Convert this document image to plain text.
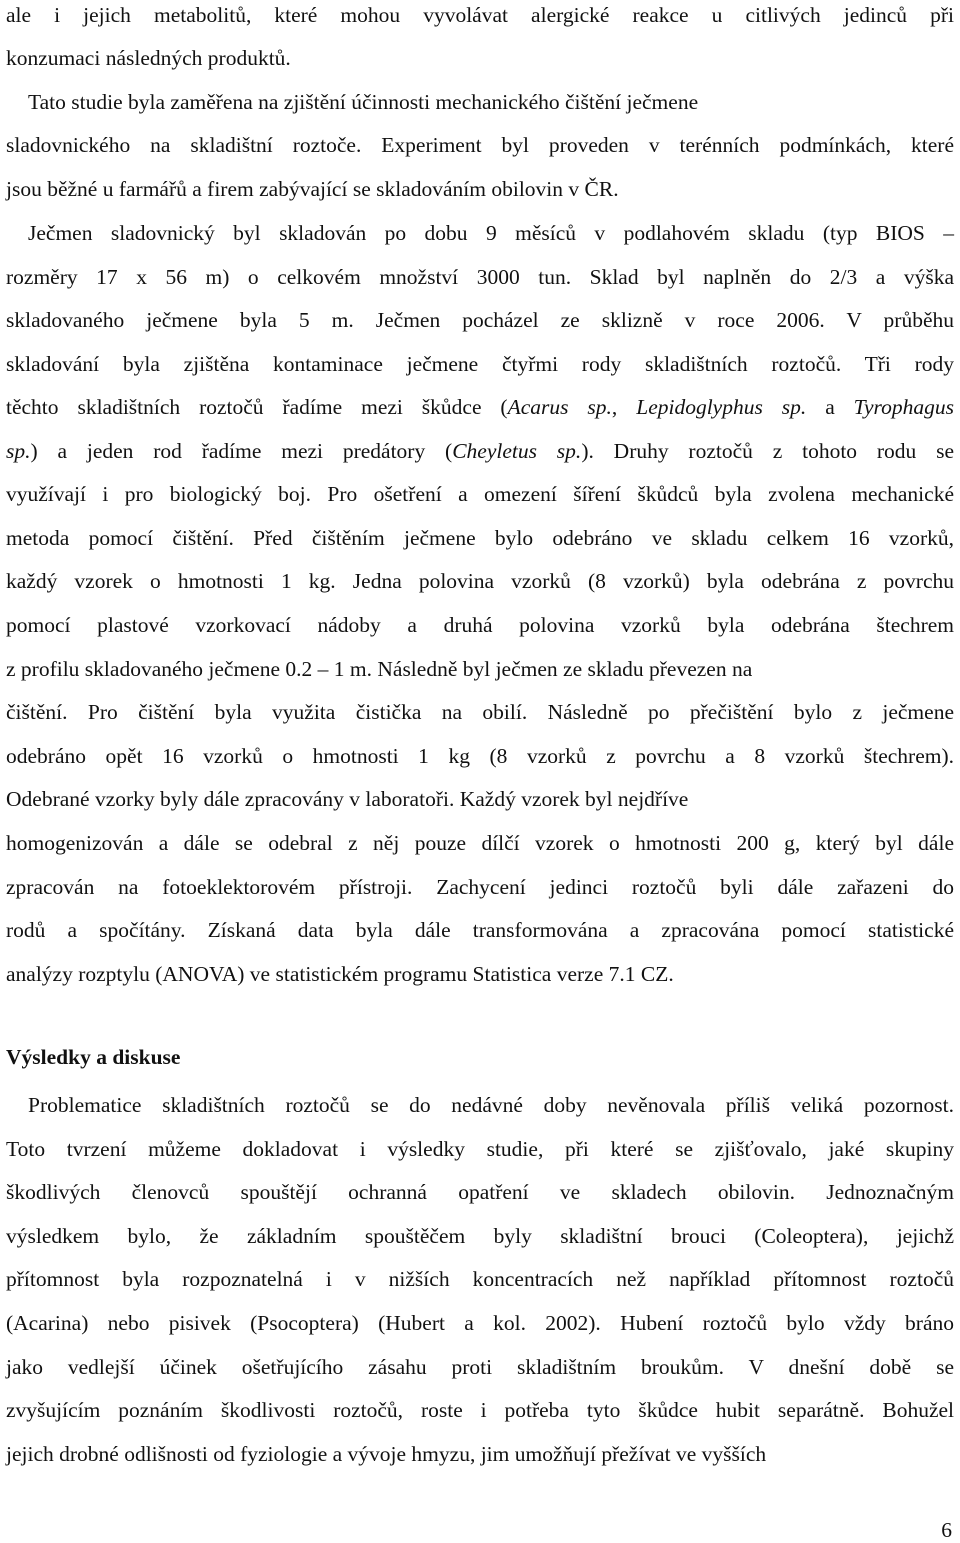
ale i jejich metabolitů, které mohou vyvolávat alergické reakce u citlivých jedinců při
konzumaci následných produktů.
Tato studie byla zaměřena na zjištění účinnosti mechanického čištění ječmene
sladovnického na skladištní roztoče. Experiment byl proveden v terénních podmínkách, které
jsou běžné u farmářů a firem zabývající se skladováním obilovin v ČR.
Ječmen sladovnický byl skladován po dobu 9 měsíců v podlahovém skladu (typ BIOS –
rozměry 17 x 56 m) o celkovém množství 3000 tun. Sklad byl naplněn do 2/3 a výška
skladovaného ječmene byla 5 m. Ječmen pocházel ze sklizně v roce 2006. V průběhu
skladování byla zjištěna kontaminace ječmene čtyřmi rody skladištních roztočů. Tři rody
těchto skladištních roztočů řadíme mezi škůdce (Acarus sp., Lepidoglyphus sp. a Tyrophagus
sp.) a jeden rod řadíme mezi predátory (Cheyletus sp.). Druhy roztočů z tohoto rodu se
využívají i pro biologický boj. Pro ošetření a omezení šíření škůdců byla zvolena mechanické
metoda pomocí čištění. Před čištěním ječmene bylo odebráno ve skladu celkem 16 vzorků,
každý vzorek o hmotnosti 1 kg. Jedna polovina vzorků (8 vzorků) byla odebrána z povrchu
pomocí plastové vzorkovací nádoby a druhá polovina vzorků byla odebrána štechrem
z profilu skladovaného ječmene 0.2 – 1 m. Následně byl ječmen ze skladu převezen na
čištění. Pro čištění byla využita čistička na obilí. Následně po přečištění bylo z ječmene
odebráno opět 16 vzorků o hmotnosti 1 kg (8 vzorků z povrchu a 8 vzorků štechrem).
Odebrané vzorky byly dále zpracovány v laboratoři. Každý vzorek byl nejdříve
homogenizován a dále se odebral z něj pouze dílčí vzorek o hmotnosti 200 g, který byl dále
zpracován na fotoeklektorovém přístroji. Zachycení jedinci roztočů byli dále zařazeni do
rodů a spočítány. Získaná data byla dále transformována a zpracována pomocí statistické
analýzy rozptylu (ANOVA) ve statistickém programu Statistica verze 7.1 CZ.
Výsledky a diskuse
Problematice skladištních roztočů se do nedávné doby nevěnovala příliš veliká pozornost.
Toto tvrzení můžeme dokladovat i výsledky studie, při které se zjišťovalo, jaké skupiny
škodlivých členovců spouštějí ochranná opatření ve skladech obilovin. Jednoznačným
výsledkem bylo, že základním spouštěčem byly skladištní brouci (Coleoptera), jejichž
přítomnost byla rozpoznatelná i v nižších koncentracích než například přítomnost roztočů
(Acarina) nebo pisivek (Psocoptera) (Hubert a kol. 2002). Hubení roztočů bylo vždy bráno
jako vedlejší účinek ošetřujícího zásahu proti skladištním broukům. V dnešní době se
zvyšujícím poznáním škodlivosti roztočů, roste i potřeba tyto škůdce hubit separátně. Bohužel
jejich drobné odlišnosti od fyziologie a vývoje hmyzu, jim umožňují přežívat ve vyšších
6
